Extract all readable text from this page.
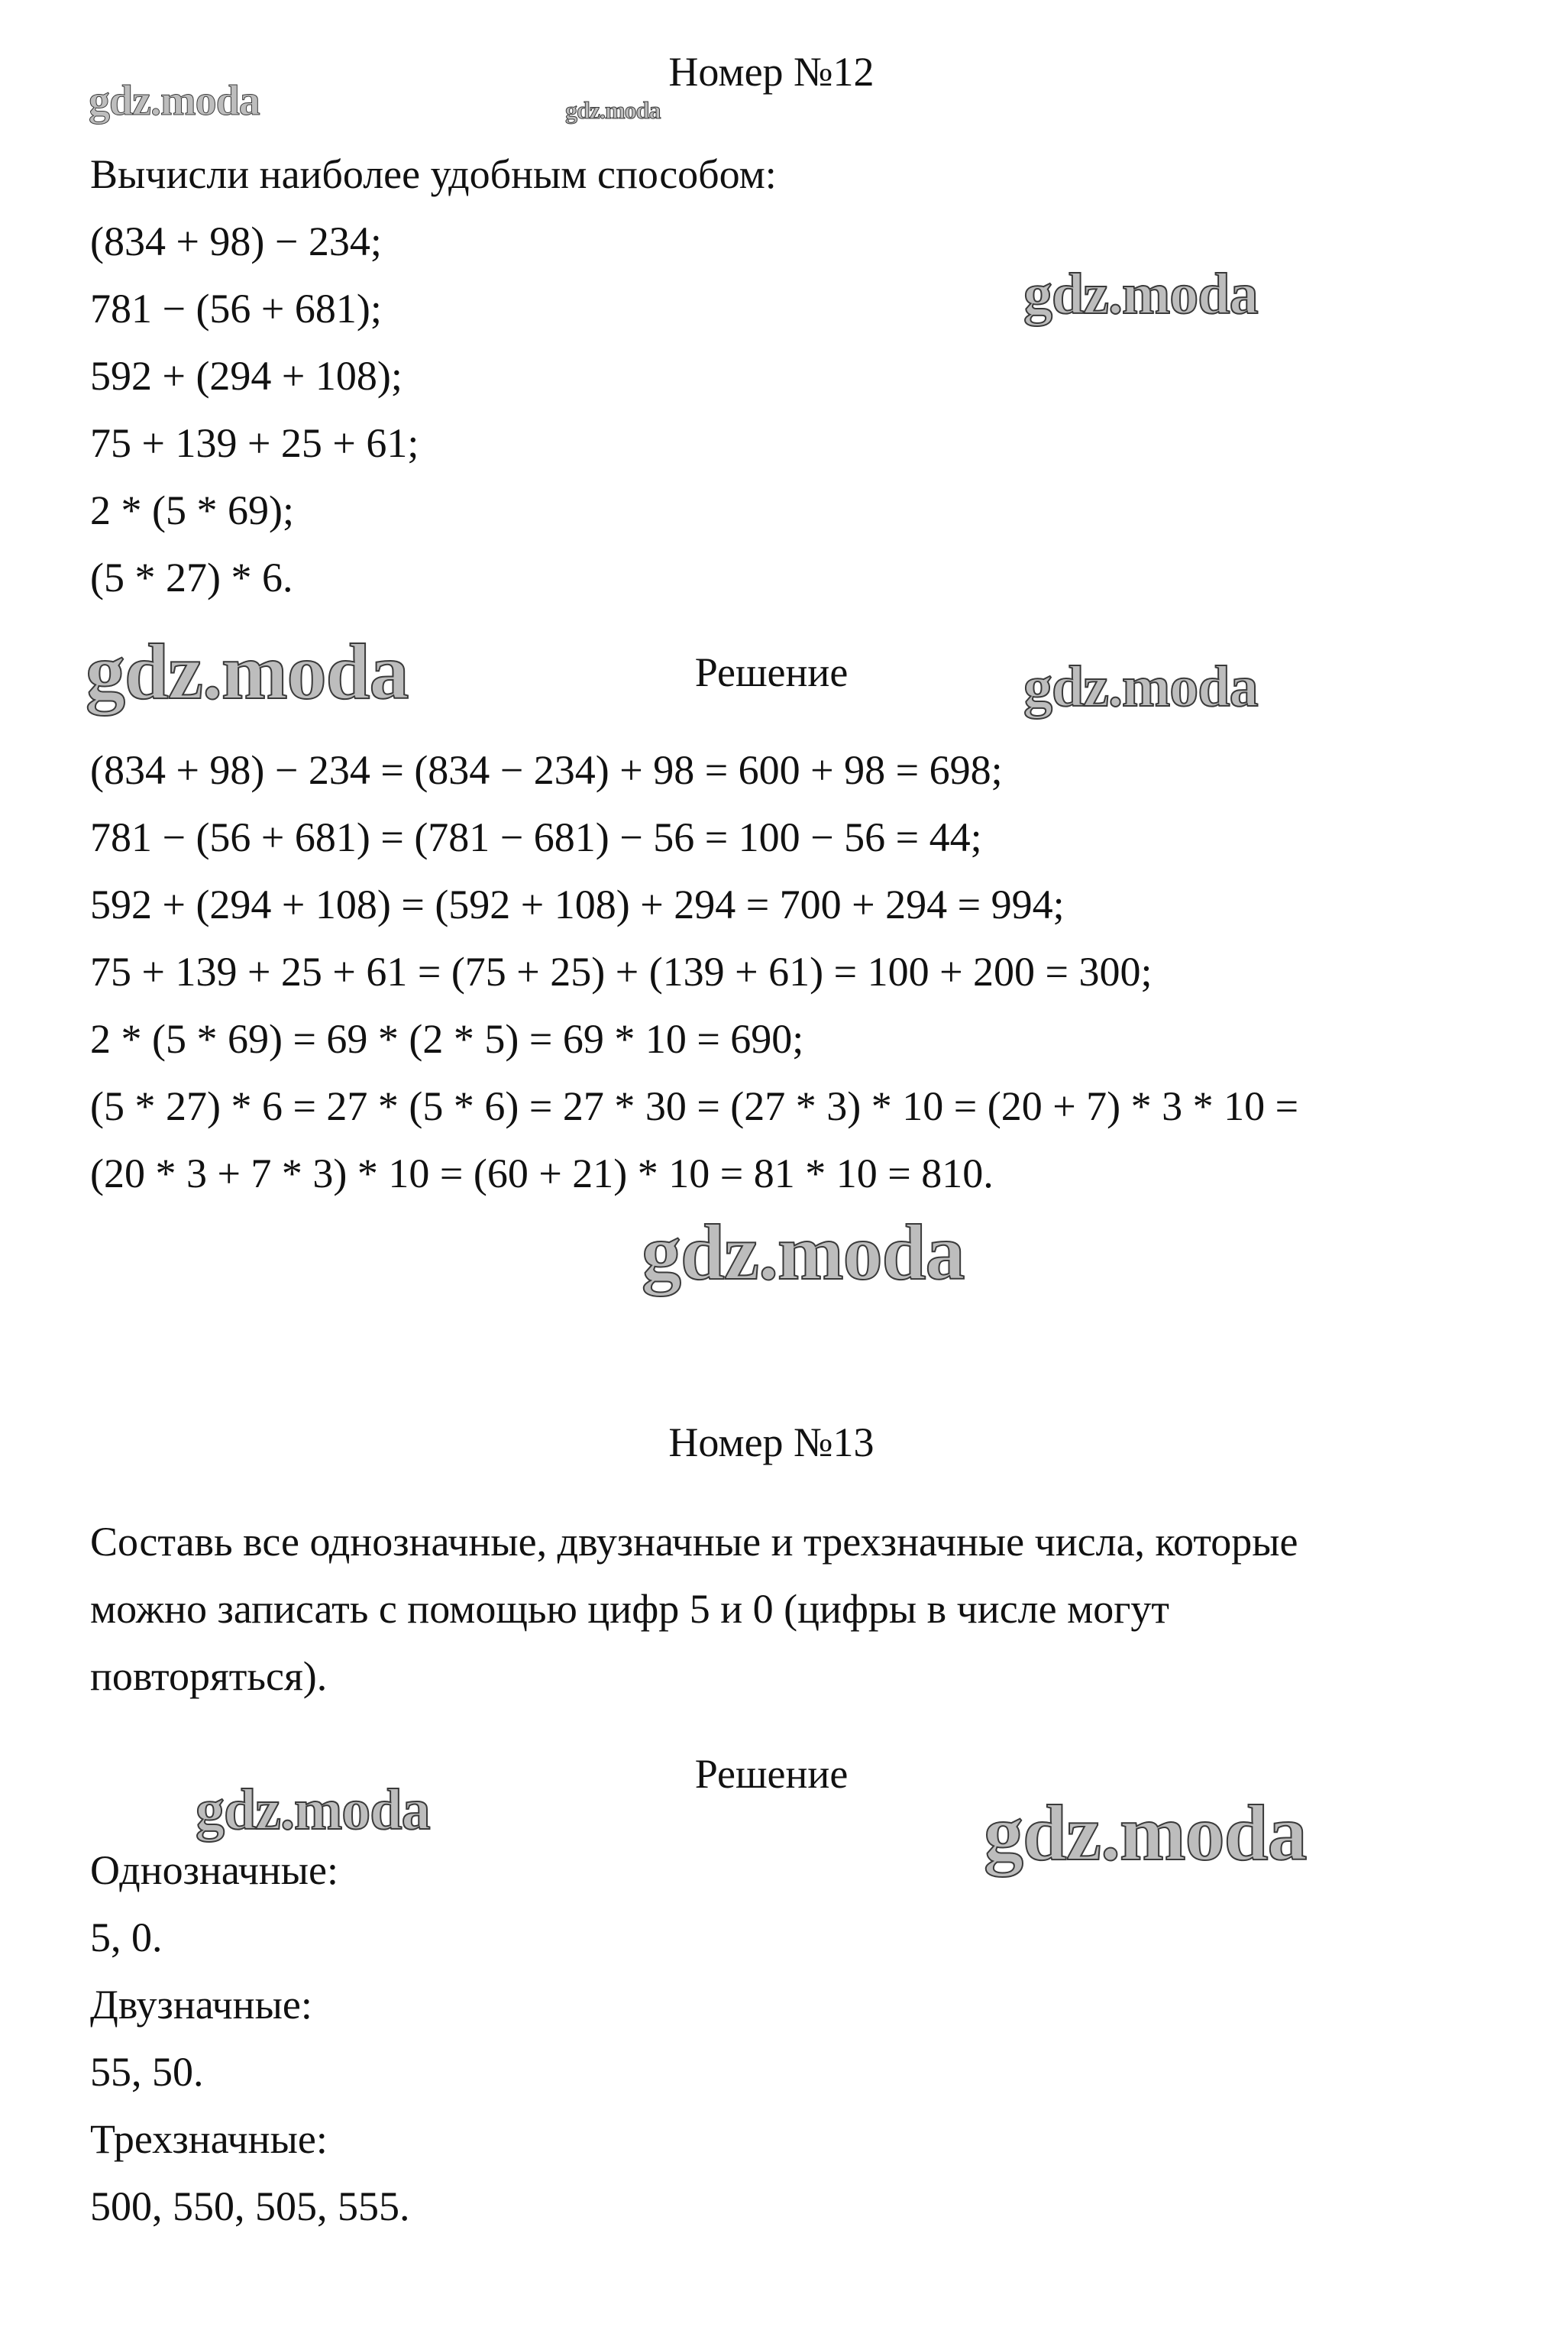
gdz.moda	gdz.moda
gdz.moda
gdz.moda	gdz.moda
gdz.moda
gdz.moda	gdz.moda
Номер №12
Вычисли наиболее удобным способом:
(834 + 98) − 234;
781 − (56 + 681);
592 + (294 + 108);
75 + 139 + 25 + 61;
2 * (5 * 69);
(5 * 27) * 6.
Решение
(834 + 98) − 234 = (834 − 234) + 98 = 600 + 98 = 698;
781 − (56 + 681) = (781 − 681) − 56 = 100 − 56 = 44;
592 + (294 + 108) = (592 + 108) + 294 = 700 + 294 = 994;
75 + 139 + 25 + 61 = (75 + 25) + (139 + 61) = 100 + 200 = 300;
2 * (5 * 69) = 69 * (2 * 5) = 69 * 10 = 690;
(5 * 27) * 6 = 27 * (5 * 6) = 27 * 30 = (27 * 3) * 10 = (20 + 7) * 3 * 10 =
(20 * 3 + 7 * 3) * 10 = (60 + 21) * 10 = 81 * 10 = 810.
Номер №13
Составь все однозначные, двузначные и трехзначные числа, которые
можно записать с помощью цифр 5 и 0 (цифры в числе могут
повторяться).
Решение
Однозначные:
5, 0.
Двузначные:
55, 50.
Трехзначные:
500, 550, 505, 555.
